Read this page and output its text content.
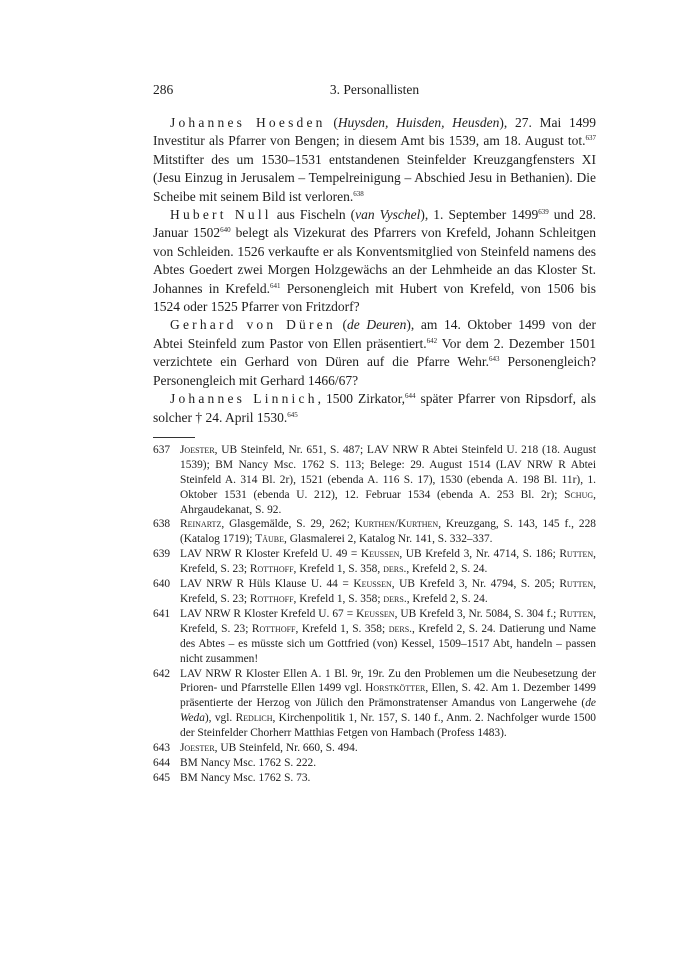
286	3. Personallisten

Johannes Hoesden (Huysden, Huisden, Heusden), 27. Mai 1499 Investitur als Pfarrer von Bengen; in diesem Amt bis 1539, am 18. August tot.$^{637}$ Mitstifter des um 1530–1531 entstandenen Steinfelder Kreuzgangfensters XI (Jesu Einzug in Jerusalem – Tempelreinigung – Abschied Jesu in Bethanien). Die Scheibe mit seinem Bild ist verloren.$^{638}$

Hubert Null aus Fischeln (van Vyschel), 1. September 1499$^{639}$ und 28. Januar 1502$^{640}$ belegt als Vizekurat des Pfarrers von Krefeld, Johann Schleitgen von Schleiden. 1526 verkaufte er als Konventsmitglied von Steinfeld namens des Abtes Goedert zwei Morgen Holzgewächs an der Lehmheide an das Kloster St. Johannes in Krefeld.$^{641}$ Personengleich mit Hubert von Krefeld, von 1506 bis 1524 oder 1525 Pfarrer von Fritzdorf?

Gerhard von Düren (de Deuren), am 14. Oktober 1499 von der Abtei Steinfeld zum Pastor von Ellen präsentiert.$^{642}$ Vor dem 2. Dezember 1501 verzichtete ein Gerhard von Düren auf die Pfarre Wehr.$^{643}$ Personengleich? Personengleich mit Gerhard 1466/67?

Johannes Linnich, 1500 Zirkator,$^{644}$ später Pfarrer von Ripsdorf, als solcher † 24. April 1530.$^{645}$

637 Joester, UB Steinfeld, Nr. 651, S. 487; LAV NRW R Abtei Steinfeld U. 218 (18. August 1539); BM Nancy Msc. 1762 S. 113; Belege: 29. August 1514 (LAV NRW R Abtei Steinfeld A. 314 Bl. 2r), 1521 (ebenda A. 116 S. 17), 1530 (ebenda A. 198 Bl. 11r), 1. Oktober 1531 (ebenda U. 212), 12. Februar 1534 (ebenda A. 253 Bl. 2r); Schug, Ahrgaudekanat, S. 92.
638 Reinartz, Glasgemälde, S. 29, 262; Kurthen/Kurthen, Kreuzgang, S. 143, 145 f., 228 (Katalog 1719); Täube, Glasmalerei 2, Katalog Nr. 141, S. 332–337.
639 LAV NRW R Kloster Krefeld U. 49 = Keussen, UB Krefeld 3, Nr. 4714, S. 186; Rutten, Krefeld, S. 23; Rotthoff, Krefeld 1, S. 358, ders., Krefeld 2, S. 24.
640 LAV NRW R Hüls Klause U. 44 = Keussen, UB Krefeld 3, Nr. 4794, S. 205; Rutten, Krefeld, S. 23; Rotthoff, Krefeld 1, S. 358; ders., Krefeld 2, S. 24.
641 LAV NRW R Kloster Krefeld U. 67 = Keussen, UB Krefeld 3, Nr. 5084, S. 304 f.; Rutten, Krefeld, S. 23; Rotthoff, Krefeld 1, S. 358; ders., Krefeld 2, S. 24. Datierung und Name des Abtes – es müsste sich um Gottfried (von) Kessel, 1509–1517 Abt, handeln – passen nicht zusammen!
642 LAV NRW R Kloster Ellen A. 1 Bl. 9r, 19r. Zu den Problemen um die Neubesetzung der Prioren- und Pfarrstelle Ellen 1499 vgl. Horstkötter, Ellen, S. 42. Am 1. Dezember 1499 präsentierte der Herzog von Jülich den Prämonstratenser Amandus von Langerwehe (de Weda), vgl. Redlich, Kirchenpolitik 1, Nr. 157, S. 140 f., Anm. 2. Nachfolger wurde 1500 der Steinfelder Chorherr Matthias Fetgen von Hambach (Profess 1483).
643 Joester, UB Steinfeld, Nr. 660, S. 494.
644 BM Nancy Msc. 1762 S. 222.
645 BM Nancy Msc. 1762 S. 73.
